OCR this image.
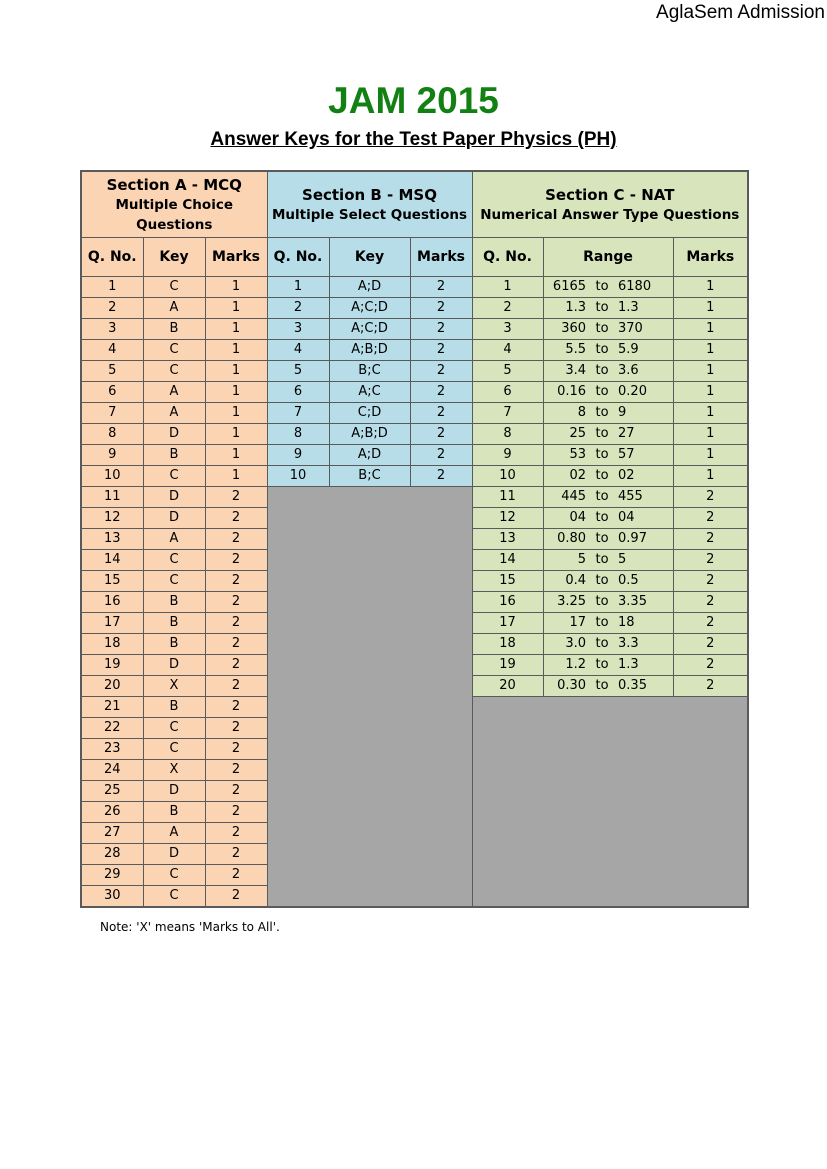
AglaSem Admission
JAM 2015
Answer Keys for the Test Paper Physics (PH)
Section A - MCQ
Multiple Choice Questions			Section B - MSQ
Multiple Select Questions			Section C - NAT
Numerical Answer Type Questions				

Q. No.	Key	Marks	Q. No.	Key	Marks	Q. No.	Range			Marks
1	C	1	1	A;D	2	1	6165	to	6180	1
2	A	1	2	A;C;D	2	2	1.3	to	1.3	1
3	B	1	3	A;C;D	2	3	360	to	370	1
4	C	1	4	A;B;D	2	4	5.5	to	5.9	1
5	C	1	5	B;C	2	5	3.4	to	3.6	1
6	A	1	6	A;C	2	6	0.16	to	0.20	1
7	A	1	7	C;D	2	7	8	to	9	1
8	D	1	8	A;B;D	2	8	25	to	27	1
9	B	1	9	A;D	2	9	53	to	57	1
10	C	1	10	B;C	2	10	02	to	02	1
11	D	2				11	445	to	455	2
12	D	2				12	04	to	04	2
13	A	2				13	0.80	to	0.97	2
14	C	2				14	5	to	5	2
15	C	2				15	0.4	to	0.5	2
16	B	2				16	3.25	to	3.35	2
17	B	2				17	17	to	18	2
18	B	2				18	3.0	to	3.3	2
19	D	2				19	1.2	to	1.3	2
20	X	2				20	0.30	to	0.35	2
21	B	2								
22	C	2								
23	C	2								
24	X	2								
25	D	2								
26	B	2								
27	A	2								
28	D	2								
29	C	2								
30	C	2								
Note: 'X' means 'Marks to All'.
